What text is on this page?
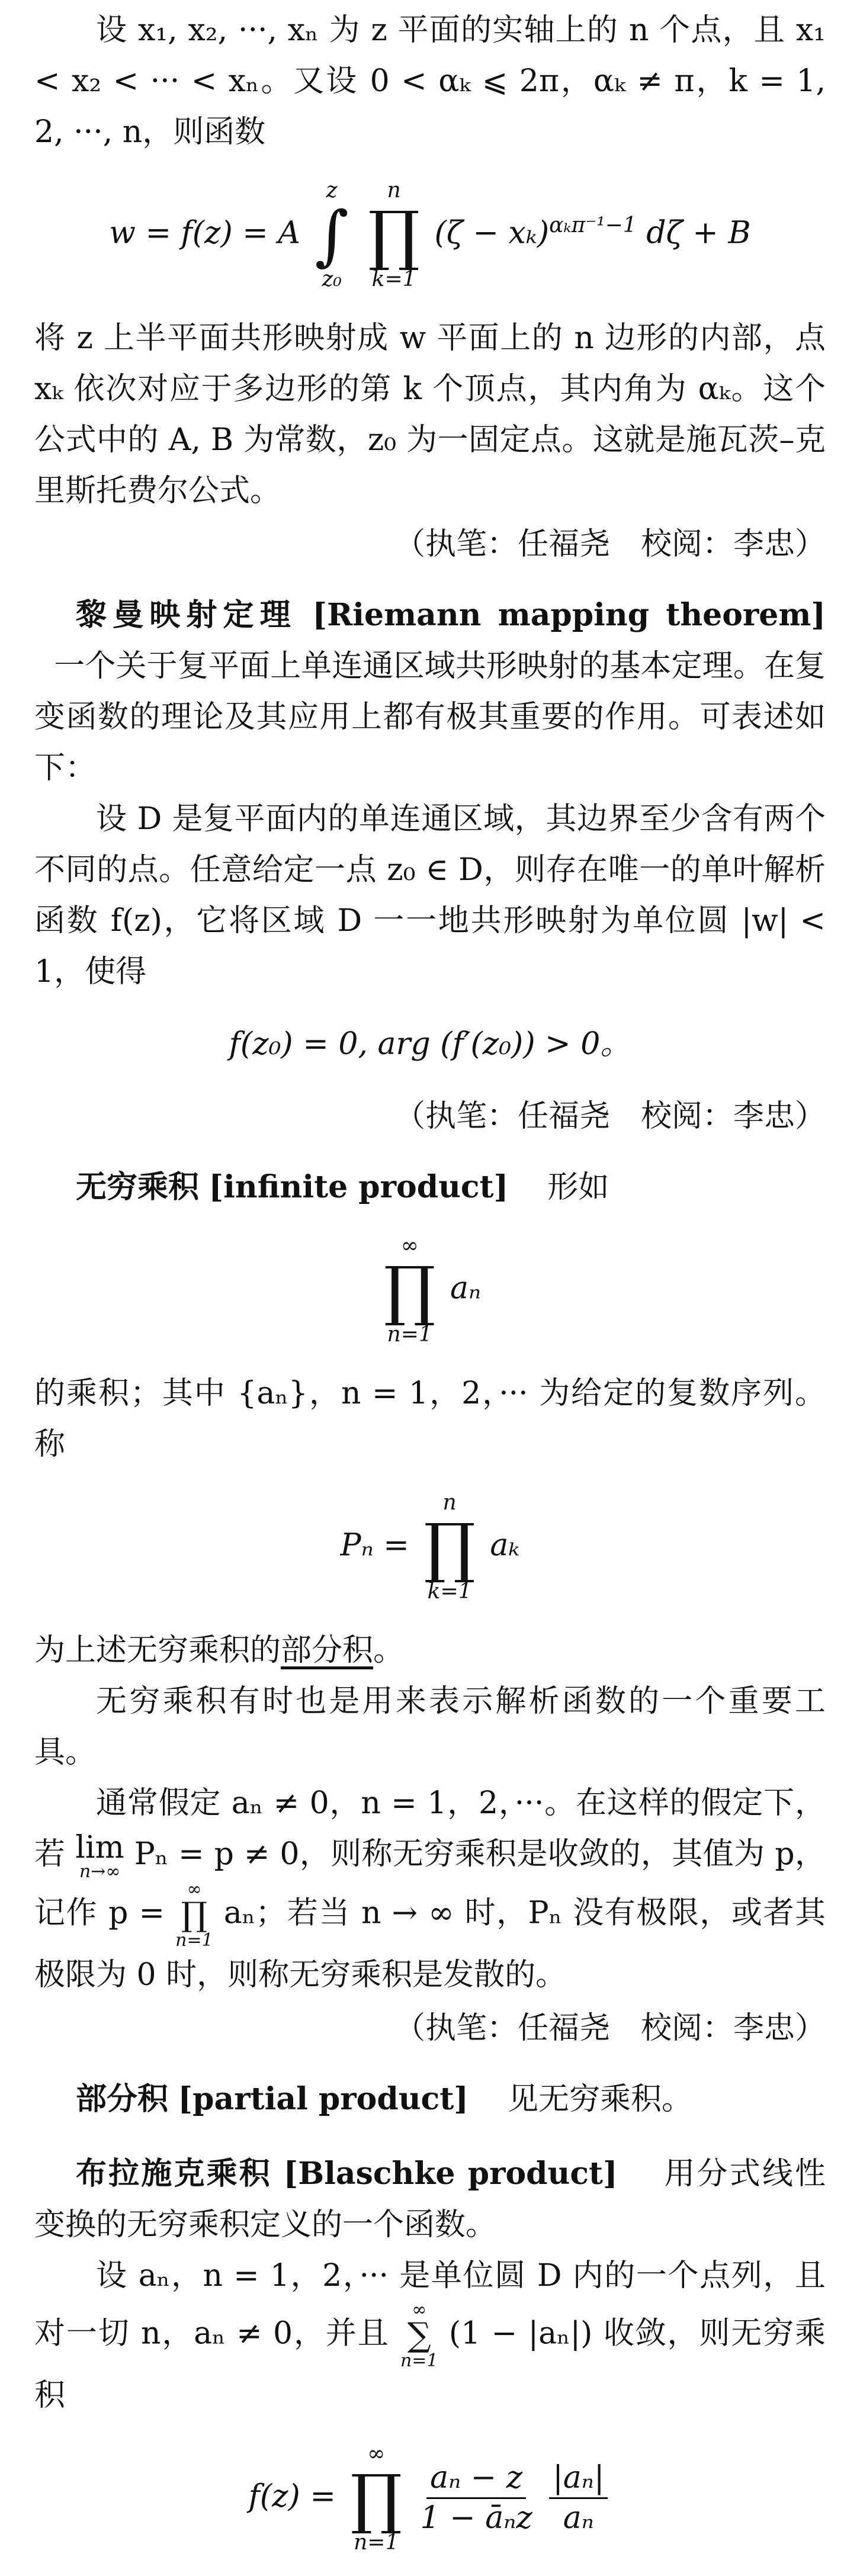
设 x₁, x₂, ···, xₙ 为 z 平面的实轴上的 n 个点，且 x₁ < x₂ < ··· < xₙ。又设 0 < αₖ ⩽ 2π，αₖ ≠ π，k = 1, 2, ···, n，则函数

w = f(z) = A
z
∫
z₀

n
∏
k=1
$(\zeta - x_k)^{\alpha_k\pi^{-1}-1}$ dζ + B

将 z 上半平面共形映射成 w 平面上的 n 边形的内部，点 xₖ 依次对应于多边形的第 k 个顶点，其内角为 αₖ。这个公式中的 A, B 为常数，z₀ 为一固定点。这就是施瓦茨–克里斯托费尔公式。

（执笔：任福尧　校阅：李忠）

黎曼映射定理 [Riemann mapping theorem]   一个关于复平面上单连通区域共形映射的基本定理。在复变函数的理论及其应用上都有极其重要的作用。可表述如下：

设 D 是复平面内的单连通区域，其边界至少含有两个不同的点。任意给定一点 z₀ ∈ D，则存在唯一的单叶解析函数 f(z)，它将区域 D 一一地共形映射为单位圆 |w| < 1，使得

f(z₀) = 0, arg (f′(z₀)) > 0。

（执笔：任福尧　校阅：李忠）

无穷乘积 [infinite product] 形如

∞
∏
n=1
aₙ

的乘积；其中 {aₙ}，n = 1，2，··· 为给定的复数序列。称

Pₙ =
n
∏
k=1
aₖ

为上述无穷乘积的部分积。

无穷乘积有时也是用来表示解析函数的一个重要工具。

通常假定 aₙ ≠ 0，n = 1，2，···。在这样的假定下，若 lim
n→∞ Pₙ = p ≠ 0，则称无穷乘积是收敛的，其值为 p，记作 p =
∞
∏
n=1
aₙ；若当 n → ∞ 时，Pₙ 没有极限，或者其极限为 0 时，则称无穷乘积是发散的。

（执笔：任福尧　校阅：李忠）

部分积 [partial product] 见无穷乘积。

布拉施克乘积 [Blaschke product] 用分式线性变换的无穷乘积定义的一个函数。

设 aₙ，n = 1，2，··· 是单位圆 D 内的一个点列，且对一切 n，aₙ ≠ 0，并且
∞
∑
n=1
(1 − |aₙ|) 收敛，则无穷乘积

f(z) =
∞
∏
n=1

$\frac{\text{aₙ − z}}{\text{1 − āₙz}}$
$\frac{\text{|aₙ|}}{\text{aₙ}}$
